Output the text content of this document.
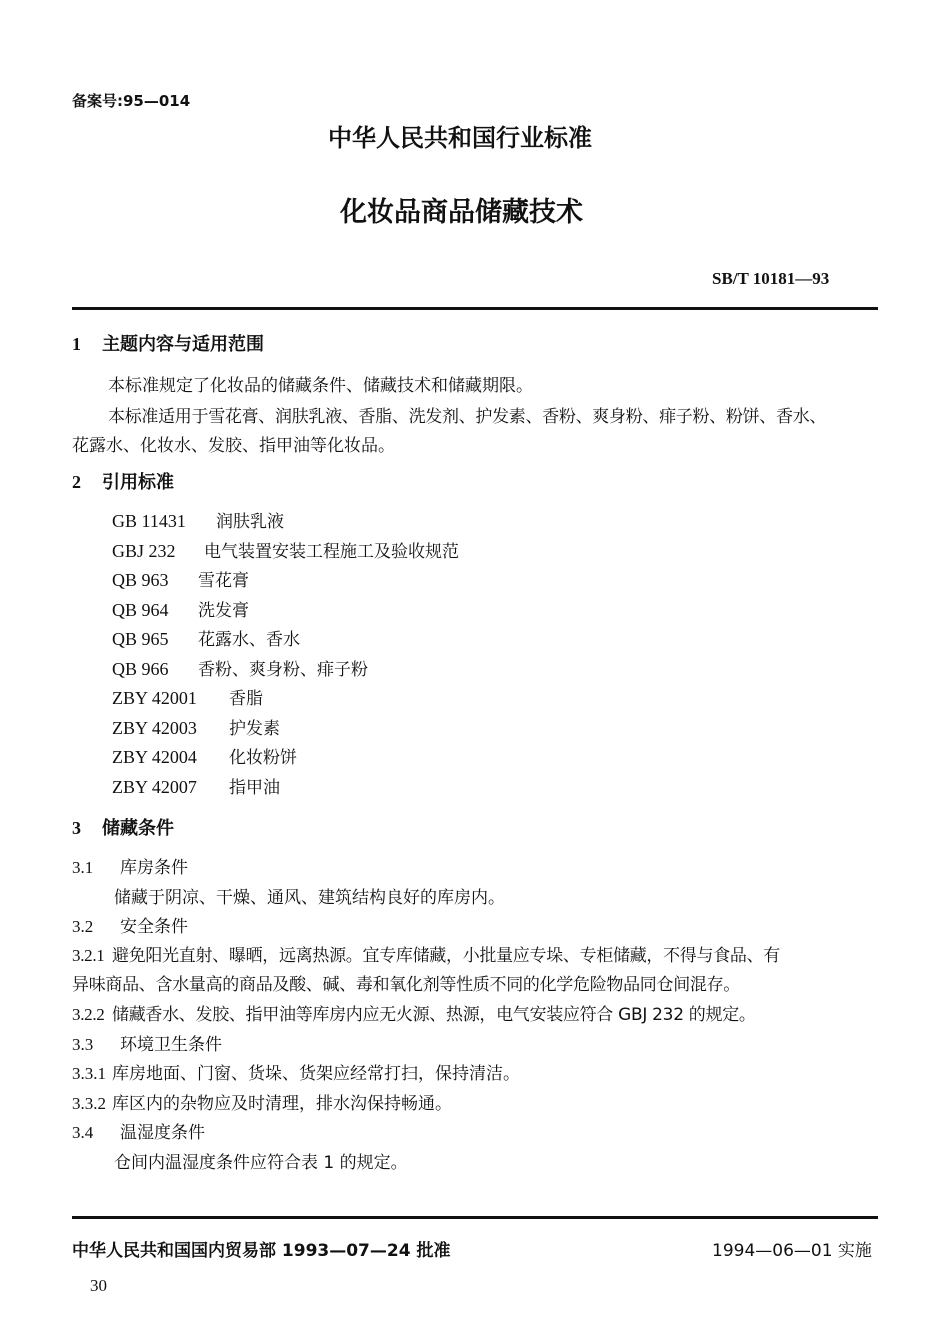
备案号:95—014
中华人民共和国行业标准
化妆品商品储藏技术
SB/T 10181—93
1 主题内容与适用范围
本标准规定了化妆品的储藏条件、储藏技术和储藏期限。
本标准适用于雪花膏、润肤乳液、香脂、洗发剂、护发素、香粉、爽身粉、痱子粉、粉饼、香水、
花露水、化妆水、发胶、指甲油等化妆品。
2 引用标准
GB 11431 润肤乳液
GBJ 232 电气装置安装工程施工及验收规范
QB 963 雪花膏
QB 964 洗发膏
QB 965 花露水、香水
QB 966 香粉、爽身粉、痱子粉
ZBY 42001 香脂
ZBY 42003 护发素
ZBY 42004 化妆粉饼
ZBY 42007 指甲油
3 储藏条件
3.1 库房条件
储藏于阴凉、干燥、通风、建筑结构良好的库房内。
3.2 安全条件
3.2.1 避免阳光直射、曝晒，远离热源。宜专库储藏，小批量应专垛、专柜储藏，不得与食品、有
异味商品、含水量高的商品及酸、碱、毒和氧化剂等性质不同的化学危险物品同仓间混存。
3.2.2 储藏香水、发胶、指甲油等库房内应无火源、热源，电气安装应符合 GBJ 232 的规定。
3.3 环境卫生条件
3.3.1 库房地面、门窗、货垛、货架应经常打扫，保持清洁。
3.3.2 库区内的杂物应及时清理，排水沟保持畅通。
3.4 温湿度条件
仓间内温湿度条件应符合表 1 的规定。
中华人民共和国国内贸易部 1993—07—24 批准	1994—06—01 实施
30
